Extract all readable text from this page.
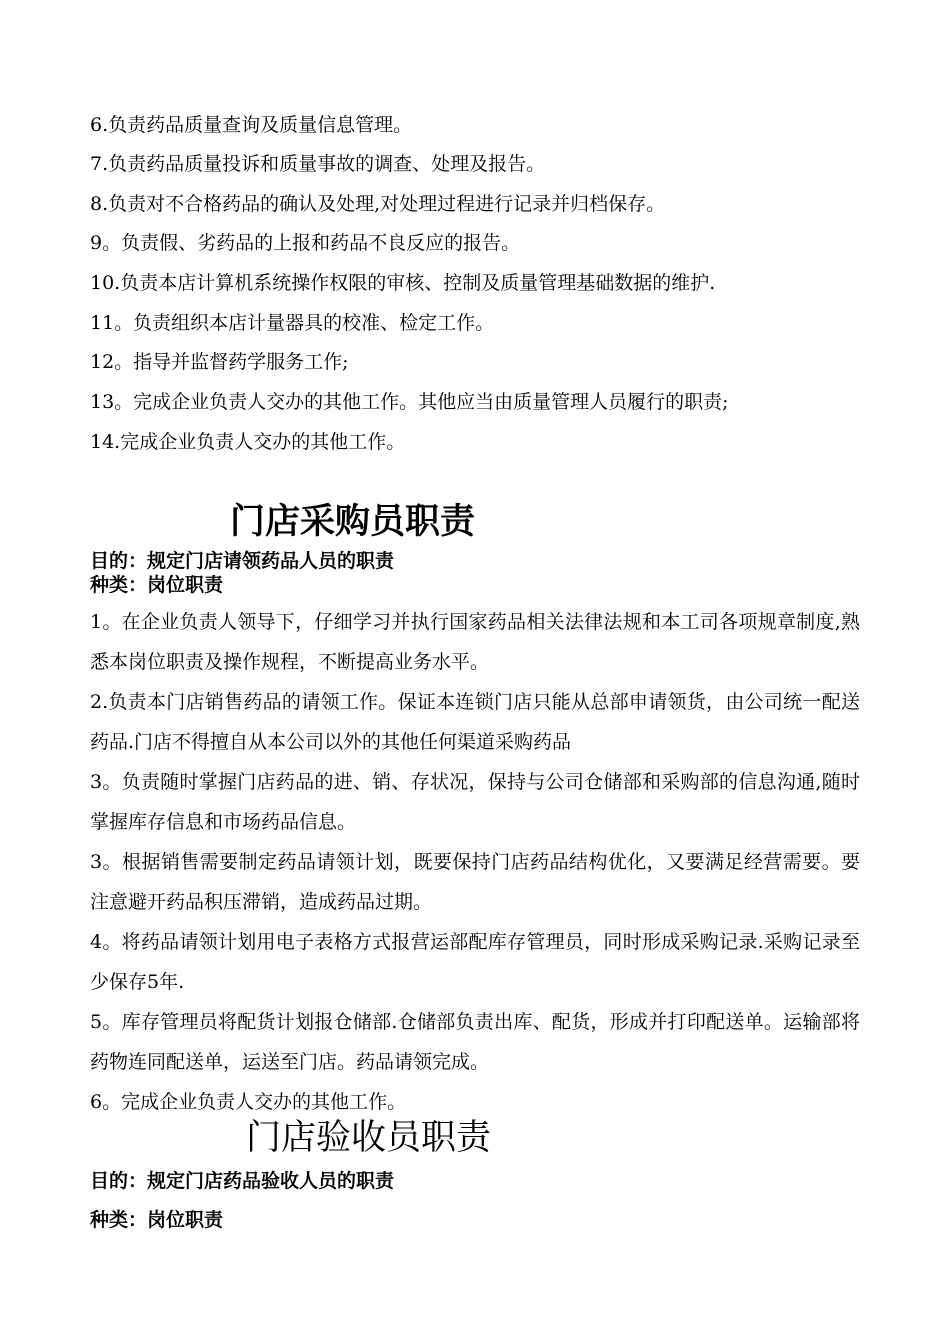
6.负责药品质量查询及质量信息管理。
7.负责药品质量投诉和质量事故的调查、处理及报告。
8.负责对不合格药品的确认及处理,对处理过程进行记录并归档保存。
9。负责假、劣药品的上报和药品不良反应的报告。
10.负责本店计算机系统操作权限的审核、控制及质量管理基础数据的维护.
11。负责组织本店计量器具的校准、检定工作。
12。指导并监督药学服务工作;
13。完成企业负责人交办的其他工作。其他应当由质量管理人员履行的职责;
14.完成企业负责人交办的其他工作。
门店采购员职责
目的：规定门店请领药品人员的职责
种类：岗位职责
1。在企业负责人领导下，仔细学习并执行国家药品相关法律法规和本工司各项规章制度,熟悉本岗位职责及操作规程，不断提高业务水平。
2.负责本门店销售药品的请领工作。保证本连锁门店只能从总部申请领货，由公司统一配送药品.门店不得擅自从本公司以外的其他任何渠道采购药品
3。负责随时掌握门店药品的进、销、存状况，保持与公司仓储部和采购部的信息沟通,随时掌握库存信息和市场药品信息。
3。根据销售需要制定药品请领计划，既要保持门店药品结构优化，又要满足经营需要。要注意避开药品积压滞销，造成药品过期。
4。将药品请领计划用电子表格方式报营运部配库存管理员，同时形成采购记录.采购记录至少保存5年.
5。库存管理员将配货计划报仓储部.仓储部负责出库、配货，形成并打印配送单。运输部将药物连同配送单，运送至门店。药品请领完成。
6。完成企业负责人交办的其他工作。
门店验收员职责
目的：规定门店药品验收人员的职责
种类：岗位职责
